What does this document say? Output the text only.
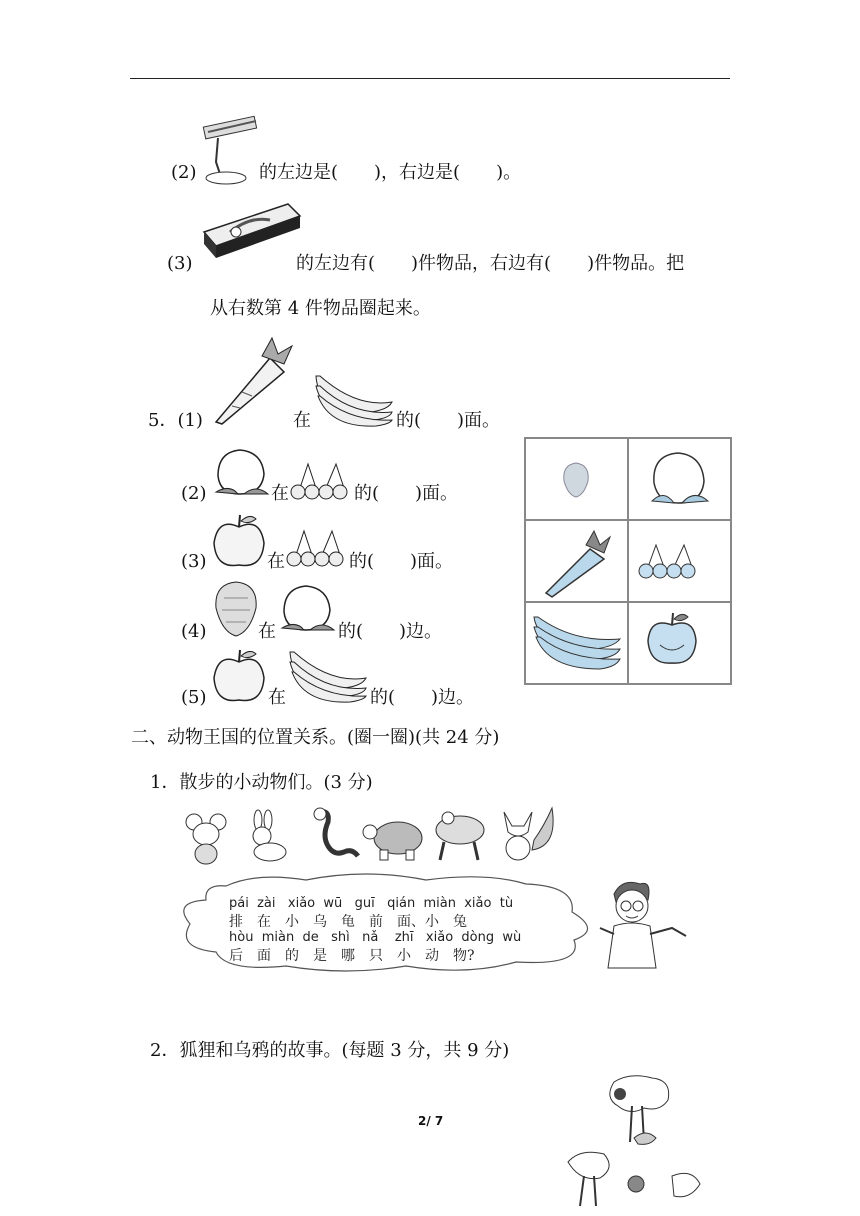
(2)	的左边是(　　)，右边是(　　)。
(3)	的左边有(　　)件物品，右边有(　　)件物品。把
从右数第 4 件物品圈起来。
5．(1)	在	的(　　)面。
(2)	在	的(　　)面。
(3)	在	的(　　)面。
(4)	在	的(　　)边。
(5)	在	的(　　)边。
二、动物王国的位置关系。(圈一圈)(共 24 分)
1．散步的小动物们。(3 分)
pái  zài   xiǎo  wū   guī   qián  miàn  xiǎo  tù
排　在　小　乌　龟　前　面、小　兔
hòu  miàn  de   shì   nǎ    zhī   xiǎo  dòng  wù
后　面　的　是　哪　只　小　动　物?
2．狐狸和乌鸦的故事。(每题 3 分，共 9 分)
2/ 7
